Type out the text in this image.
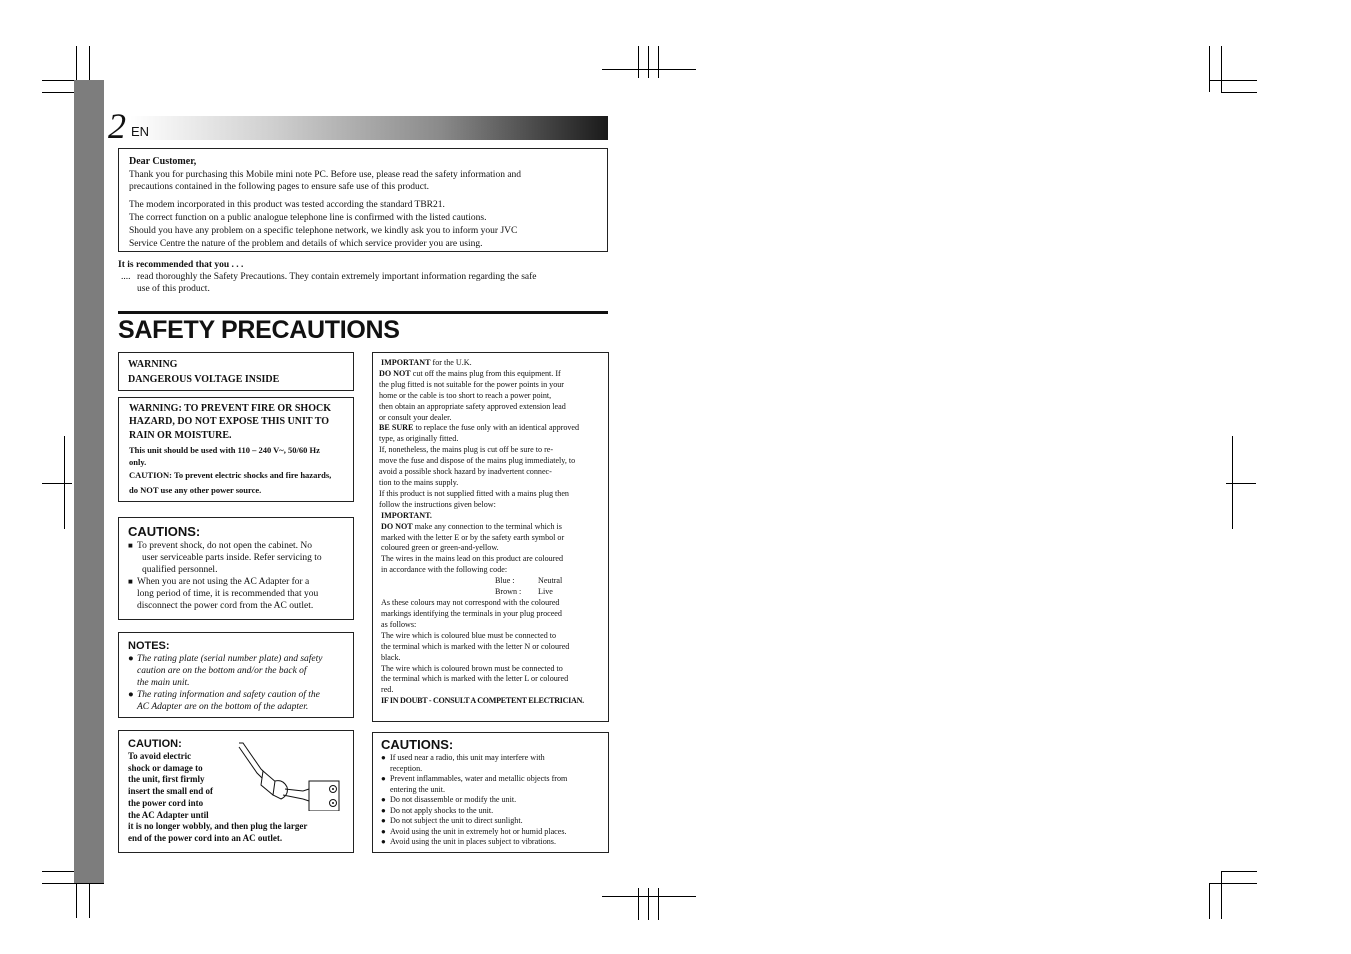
2 EN

Dear Customer,

Thank you for purchasing this Mobile mini note PC. Before use, please read the safety information and

precautions contained in the following pages to ensure safe use of this product.

The modem incorporated in this product was tested according the standard TBR21.

The correct function on a public analogue telephone line is confirmed with the listed cautions.

Should you have any problem on a specific telephone network, we kindly ask you to inform your JVC

Service Centre the nature of the problem and details of which service provider you are using.

It is recommended that you . . .

.... read thoroughly the Safety Precautions. They contain extremely important information regarding the safe

use of this product.

SAFETY PRECAUTIONS

WARNING

DANGEROUS VOLTAGE INSIDE

WARNING: TO PREVENT FIRE OR SHOCK

HAZARD, DO NOT EXPOSE THIS UNIT TO

RAIN OR MOISTURE.

This unit should be used with 110 – 240 V~, 50/60 Hz

only.

CAUTION: To prevent electric shocks and fire hazards,

do NOT use any other power source.

CAUTIONS:

■ To prevent shock, do not open the cabinet. No

user serviceable parts inside. Refer servicing to

qualified personnel.

■ When you are not using the AC Adapter for a

long period of time, it is recommended that you

disconnect the power cord from the AC outlet.

NOTES:

● The rating plate (serial number plate) and safety

caution are on the bottom and/or the back of

the main unit.

● The rating information and safety caution of the

AC Adapter are on the bottom of the adapter.

CAUTION:

To avoid electric

shock or damage to

the unit, first firmly

insert the small end of

the power cord into

the AC Adapter until

it is no longer wobbly, and then plug the larger

end of the power cord into an AC outlet.

IMPORTANT for the U.K.

DO NOT cut off the mains plug from this equipment. If

the plug fitted is not suitable for the power points in your

home or the cable is too short to reach a power point,

then obtain an appropriate safety approved extension lead

or consult your dealer.

BE SURE to replace the fuse only with an identical approved

type, as originally fitted.

If, nonetheless, the mains plug is cut off be sure to re-

move the fuse and dispose of the mains plug immediately, to

avoid a possible shock hazard by inadvertent connec-

tion to the mains supply.

If this product is not supplied fitted with a mains plug then

follow the instructions given below:

IMPORTANT.

DO NOT make any connection to the terminal which is

marked with the letter E or by the safety earth symbol or

coloured green or green-and-yellow.

The wires in the mains lead on this product are coloured

in accordance with the following code:

Blue :	Neutral
Brown : Live

As these colours may not correspond with the coloured

markings identifying the terminals in your plug proceed

as follows:

The wire which is coloured blue must be connected to

the terminal which is marked with the letter N or coloured

black.

The wire which is coloured brown must be connected to

the terminal which is marked with the letter L or coloured

red.

IF IN DOUBT - CONSULT A COMPETENT ELECTRICIAN.

CAUTIONS:

● If used near a radio, this unit may interfere with

reception.

● Prevent inflammables, water and metallic objects from

entering the unit.

● Do not disassemble or modify the unit.

● Do not apply shocks to the unit.

● Do not subject the unit to direct sunlight.

● Avoid using the unit in extremely hot or humid places.

● Avoid using the unit in places subject to vibrations.
